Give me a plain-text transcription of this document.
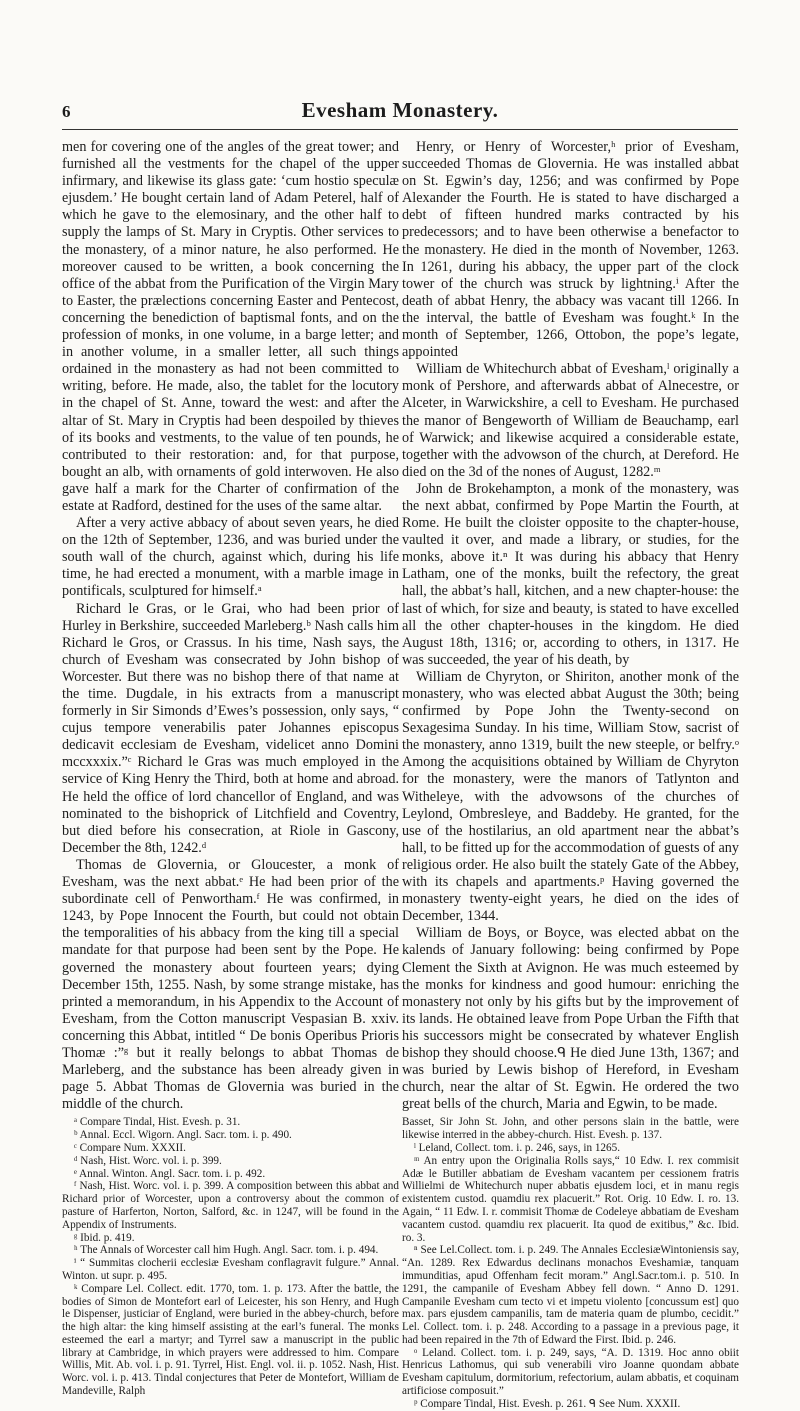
6	Evesham Monastery.

men for covering one of the angles of the great tower; and furnished all the vestments for the chapel of the upper infirmary, and likewise its glass gate: ‘cum hostio speculæ ejusdem.’ He bought certain land of Adam Peterel, half of which he gave to the elemosinary, and the other half to supply the lamps of St. Mary in Cryptis. Other services to the monastery, of a minor nature, he also performed. He moreover caused to be written, a book concerning the office of the abbat from the Purification of the Virgin Mary to Easter, the prælections concerning Easter and Pentecost, concerning the benediction of baptismal fonts, and on the profession of monks, in one volume, in a barge letter; and in another volume, in a smaller letter, all such things ordained in the monastery as had not been committed to writing, before. He made, also, the tablet for the locutory in the chapel of St. Anne, toward the west: and after the altar of St. Mary in Cryptis had been despoiled by thieves of its books and vestments, to the value of ten pounds, he contributed to their restoration: and, for that purpose, bought an alb, with ornaments of gold interwoven. He also gave half a mark for the Charter of confirmation of the estate at Radford, destined for the uses of the same altar.

After a very active abbacy of about seven years, he died on the 12th of September, 1236, and was buried under the south wall of the church, against which, during his life time, he had erected a monument, with a marble image in pontificals, sculptured for himself.ᵃ

Richard le Gras, or le Grai, who had been prior of Hurley in Berkshire, succeeded Marleberg.ᵇ Nash calls him Richard le Gros, or Crassus. In his time, Nash says, the church of Evesham was consecrated by John bishop of Worcester. But there was no bishop there of that name at the time. Dugdale, in his extracts from a manuscript formerly in Sir Simonds d’Ewes’s possession, only says, “ cujus tempore venerabilis pater Johannes episcopus dedicavit ecclesiam de Evesham, videlicet anno Domini mccxxxix.”ᶜ Richard le Gras was much employed in the service of King Henry the Third, both at home and abroad. He held the office of lord chancellor of England, and was nominated to the bishoprick of Litchfield and Coventry, but died before his consecration, at Riole in Gascony, December the 8th, 1242.ᵈ

Thomas de Glovernia, or Gloucester, a monk of Evesham, was the next abbat.ᵉ He had been prior of the subordinate cell of Penwortham.ᶠ He was confirmed, in 1243, by Pope Innocent the Fourth, but could not obtain the temporalities of his abbacy from the king till a special mandate for that purpose had been sent by the Pope. He governed the monastery about fourteen years; dying December 15th, 1255. Nash, by some strange mistake, has printed a memorandum, in his Appendix to the Account of Evesham, from the Cotton manuscript Vespasian B. xxiv. concerning this Abbat, intitled “ De bonis Operibus Prioris Thomæ :”ᵍ but it really belongs to abbat Thomas de Marleberg, and the substance has been already given in page 5. Abbat Thomas de Glovernia was buried in the middle of the church.

ᵃ Compare Tindal, Hist. Evesh. p. 31.
ᵇ Annal. Eccl. Wigorn. Angl. Sacr. tom. i. p. 490.
ᶜ Compare Num. XXXII.
ᵈ Nash, Hist. Worc. vol. i. p. 399.
ᵉ Annal. Winton. Angl. Sacr. tom. i. p. 492.
ᶠ Nash, Hist. Worc. vol. i. p. 399. A composition between this abbat and Richard prior of Worcester, upon a controversy about the common of pasture of Harferton, Norton, Salford, &c. in 1247, will be found in the Appendix of Instruments.
ᵍ Ibid. p. 419.
ʰ The Annals of Worcester call him Hugh. Angl. Sacr. tom. i. p. 494.
ⁱ “ Summitas clocherii ecclesiæ Evesham conflagravit fulgure.” Annal. Winton. ut supr. p. 495.
ᵏ Compare Lel. Collect. edit. 1770, tom. 1. p. 173. After the battle, the bodies of Simon de Montefort earl of Leicester, his son Henry, and Hugh le Dispenser, justiciar of England, were buried in the abbey-church, before the high altar: the king himself assisting at the earl’s funeral. The monks esteemed the earl a martyr; and Tyrrel saw a manuscript in the public library at Cambridge, in which prayers were addressed to him. Compare Willis, Mit. Ab. vol. i. p. 91. Tyrrel, Hist. Engl. vol. ii. p. 1052. Nash, Hist. Worc. vol. i. p. 413. Tindal conjectures that Peter de Montefort, William de Mandeville, Ralph

Henry, or Henry of Worcester,ʰ prior of Evesham, succeeded Thomas de Glovernia. He was installed abbat on St. Egwin’s day, 1256; and was confirmed by Pope Alexander the Fourth. He is stated to have discharged a debt of fifteen hundred marks contracted by his predecessors; and to have been otherwise a benefactor to the monastery. He died in the month of November, 1263. In 1261, during his abbacy, the upper part of the clock tower of the church was struck by lightning.ⁱ After the death of abbat Henry, the abbacy was vacant till 1266. In the interval, the battle of Evesham was fought.ᵏ In the month of September, 1266, Ottobon, the pope’s legate, appointed

William de Whitechurch abbat of Evesham,ˡ originally a monk of Pershore, and afterwards abbat of Alnecestre, or Alceter, in Warwickshire, a cell to Evesham. He purchased the manor of Bengeworth of William de Beauchamp, earl of Warwick; and likewise acquired a considerable estate, together with the advowson of the church, at Dereford. He died on the 3d of the nones of August, 1282.ᵐ

John de Brokehampton, a monk of the monastery, was the next abbat, confirmed by Pope Martin the Fourth, at Rome. He built the cloister opposite to the chapter-house, vaulted it over, and made a library, or studies, for the monks, above it.ⁿ It was during his abbacy that Henry Latham, one of the monks, built the refectory, the great hall, the abbat’s hall, kitchen, and a new chapter-house: the last of which, for size and beauty, is stated to have excelled all the other chapter-houses in the kingdom. He died August 18th, 1316; or, according to others, in 1317. He was succeeded, the year of his death, by

William de Chyryton, or Shiriton, another monk of the monastery, who was elected abbat August the 30th; being confirmed by Pope John the Twenty-second on Sexagesima Sunday. In his time, William Stow, sacrist of the monastery, anno 1319, built the new steeple, or belfry.ᵒ Among the acquisitions obtained by William de Chyryton for the monastery, were the manors of Tatlynton and Witheleye, with the advowsons of the churches of Leylond, Ombresleye, and Baddeby. He granted, for the use of the hostilarius, an old apartment near the abbat’s hall, to be fitted up for the accommodation of guests of any religious order. He also built the stately Gate of the Abbey, with its chapels and apartments.ᵖ Having governed the monastery twenty-eight years, he died on the ides of December, 1344.

William de Boys, or Boyce, was elected abbat on the kalends of January following: being confirmed by Pope Clement the Sixth at Avignon. He was much esteemed by the monks for kindness and good humour: enriching the monastery not only by his gifts but by the improvement of its lands. He obtained leave from Pope Urban the Fifth that his successors might be consecrated by whatever English bishop they should choose.ᑫ He died June 13th, 1367; and was buried by Lewis bishop of Hereford, in Evesham church, near the altar of St. Egwin. He ordered the two great bells of the church, Maria and Egwin, to be made.

Basset, Sir John St. John, and other persons slain in the battle, were likewise interred in the abbey-church. Hist. Evesh. p. 137.
ˡ Leland, Collect. tom. i. p. 246, says, in 1265.
ᵐ An entry upon the Originalia Rolls says,“ 10 Edw. I. rex commisit Adæ le Butiller abbatiam de Evesham vacantem per cessionem fratris Willielmi de Whitechurch nuper abbatis ejusdem loci, et in manu regis existentem custod. quamdiu rex placuerit.” Rot. Orig. 10 Edw. I. ro. 13. Again, “ 11 Edw. I. r. commisit Thomæ de Codeleye abbatiam de Evesham vacantem custod. quamdiu rex placuerit. Ita quod de exitibus,” &c. Ibid. ro. 3.
ⁿ See Lel.Collect. tom. i. p. 249. The Annales EcclesiæWintoniensis say, “An. 1289. Rex Edwardus declinans monachos Eveshamiæ, tanquam immunditias, apud Offenham fecit moram.” Angl.Sacr.tom.i. p. 510. In 1291, the campanile of Evesham Abbey fell down. “ Anno D. 1291. Campanile Evesham cum tecto vi et impetu violento [concussum est] quo max. pars ejusdem campanilis, tam de materia quam de plumbo, cecidit.” Lel. Collect. tom. i. p. 248. According to a passage in a previous page, it had been repaired in the 7th of Edward the First. Ibid. p. 246.
ᵒ Leland. Collect. tom. i. p. 249, says, “A. D. 1319. Hoc anno obiit Henricus Lathomus, qui sub venerabili viro Joanne quondam abbate Evesham capitulum, dormitorium, refectorium, aulam abbatis, et coquinam artificiose composuit.”
ᵖ Compare Tindal, Hist. Evesh. p. 261. ᑫ See Num. XXXII.
